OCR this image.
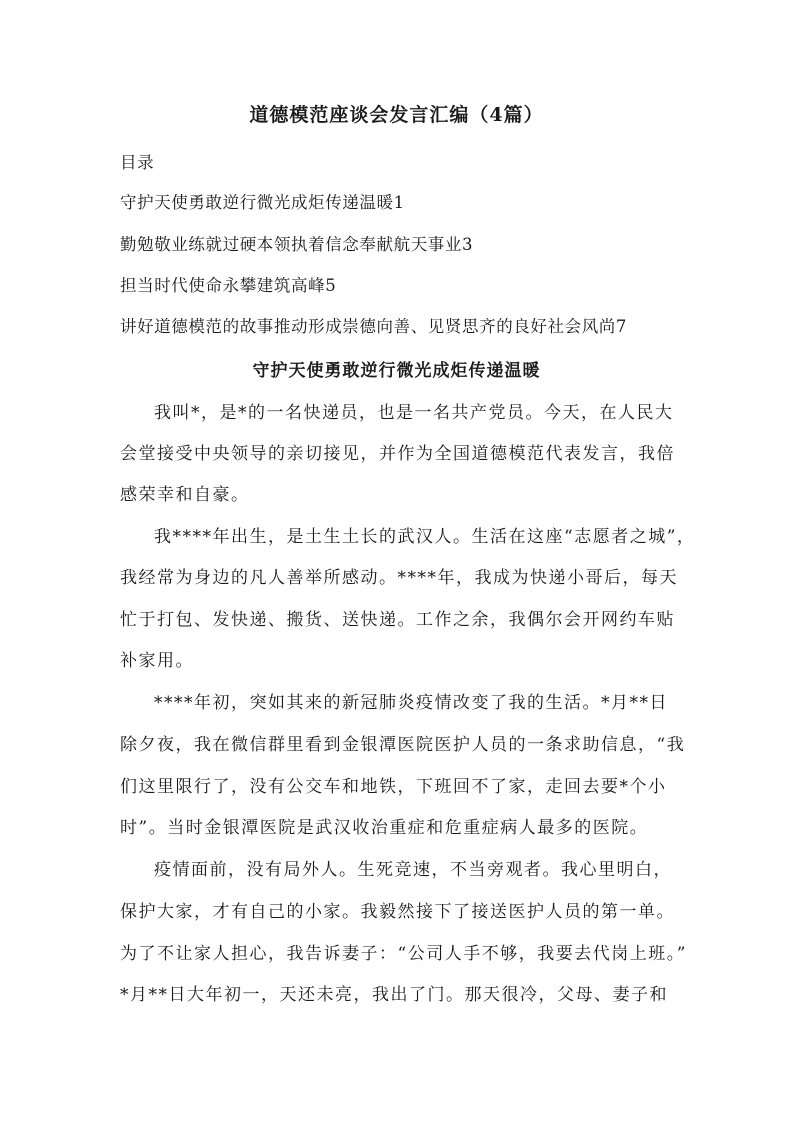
道德模范座谈会发言汇编（4篇）
目录
守护天使勇敢逆行微光成炬传递温暖1
勤勉敬业练就过硬本领执着信念奉献航天事业3
担当时代使命永攀建筑高峰5
讲好道德模范的故事推动形成崇德向善、见贤思齐的良好社会风尚7
守护天使勇敢逆行微光成炬传递温暖
我叫*，是*的一名快递员，也是一名共产党员。今天，在人民大
会堂接受中央领导的亲切接见，并作为全国道德模范代表发言，我倍
感荣幸和自豪。
我****年出生，是土生土长的武汉人。生活在这座“志愿者之城”，
我经常为身边的凡人善举所感动。****年，我成为快递小哥后，每天
忙于打包、发快递、搬货、送快递。工作之余，我偶尔会开网约车贴
补家用。
****年初，突如其来的新冠肺炎疫情改变了我的生活。*月**日
除夕夜，我在微信群里看到金银潭医院医护人员的一条求助信息，“我
们这里限行了，没有公交车和地铁，下班回不了家，走回去要*个小
时”。当时金银潭医院是武汉收治重症和危重症病人最多的医院。
疫情面前，没有局外人。生死竞速，不当旁观者。我心里明白，
保护大家，才有自己的小家。我毅然接下了接送医护人员的第一单。
为了不让家人担心，我告诉妻子：“公司人手不够，我要去代岗上班。”
*月**日大年初一，天还未亮，我出了门。那天很冷，父母、妻子和
